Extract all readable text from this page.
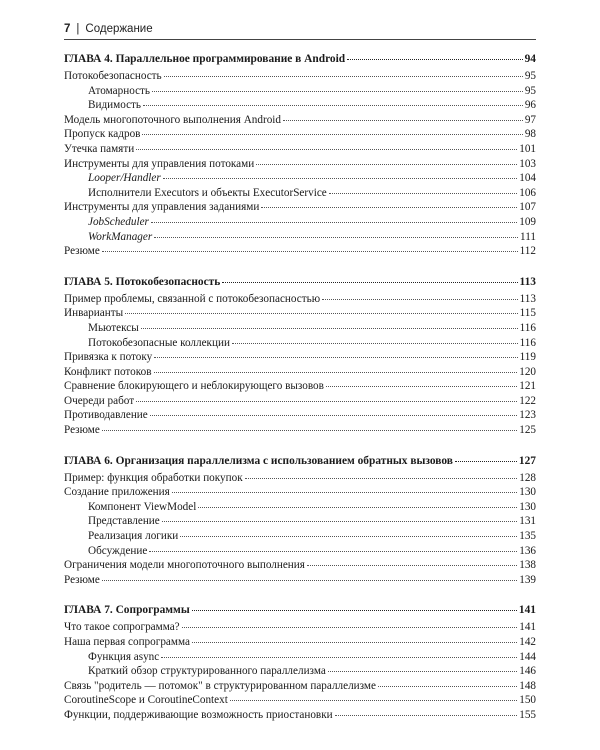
7 | Содержание
ГЛАВА 4. Параллельное программирование в Android	94
Потокобезопасность	95
Атомарность	95
Видимость	96
Модель многопоточного выполнения Android	97
Пропуск кадров	98
Утечка памяти	101
Инструменты для управления потоками	103
Looper/Handler	104
Исполнители Executors и объекты ExecutorService	106
Инструменты для управления заданиями	107
JobScheduler	109
WorkManager	111
Резюме	112
ГЛАВА 5. Потокобезопасность	113
Пример проблемы, связанной с потокобезопасностью	113
Инварианты	115
Мьютексы	116
Потокобезопасные коллекции	116
Привязка к потоку	119
Конфликт потоков	120
Сравнение блокирующего и неблокирующего вызовов	121
Очереди работ	122
Противодавление	123
Резюме	125
ГЛАВА 6. Организация параллелизма с использованием обратных вызовов	127
Пример: функция обработки покупок	128
Создание приложения	130
Компонент ViewModel	130
Представление	131
Реализация логики	135
Обсуждение	136
Ограничения модели многопоточного выполнения	138
Резюме	139
ГЛАВА 7. Сопрограммы	141
Что такое сопрограмма?	141
Наша первая сопрограмма	142
Функция async	144
Краткий обзор структурированного параллелизма	146
Связь "родитель — потомок" в структурированном параллелизме	148
CoroutineScope и CoroutineContext	150
Функции, поддерживающие возможность приостановки	155
